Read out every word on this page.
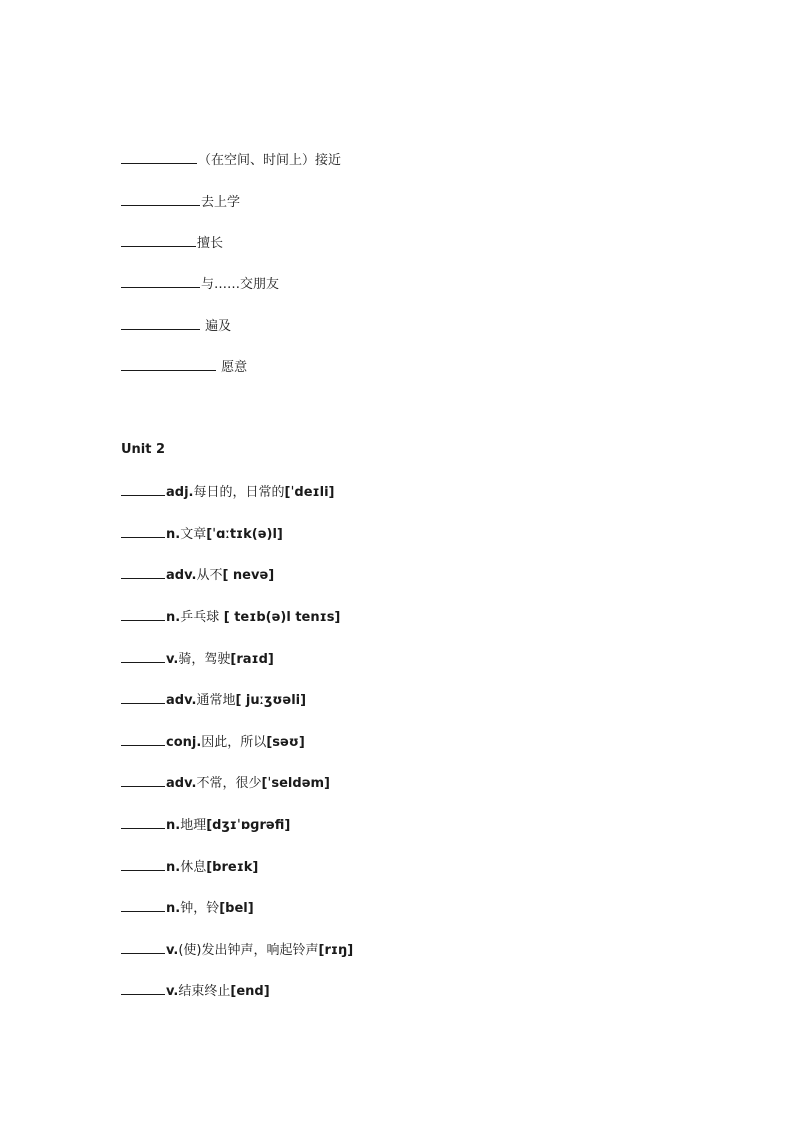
（在空间、时间上）接近
去上学
擅长
与……交朋友
遍及
愿意
Unit 2
adj.每日的，日常的[ˈdeɪli]
n.文章[ˈɑːtɪk(ə)l]
adv.从不[ nevə]
n.乒乓球 [ teɪb(ə)l tenɪs]
v.骑，驾驶[raɪd]
adv.通常地[ juːʒʊəli]
conj.因此，所以[səʊ]
adv.不常，很少[ˈseldəm]
n.地理[dʒɪˈɒɡrəfi]
n.休息[breɪk]
n.钟，铃[bel]
v.(使)发出钟声，响起铃声[rɪŋ]
v.结束终止[end]
